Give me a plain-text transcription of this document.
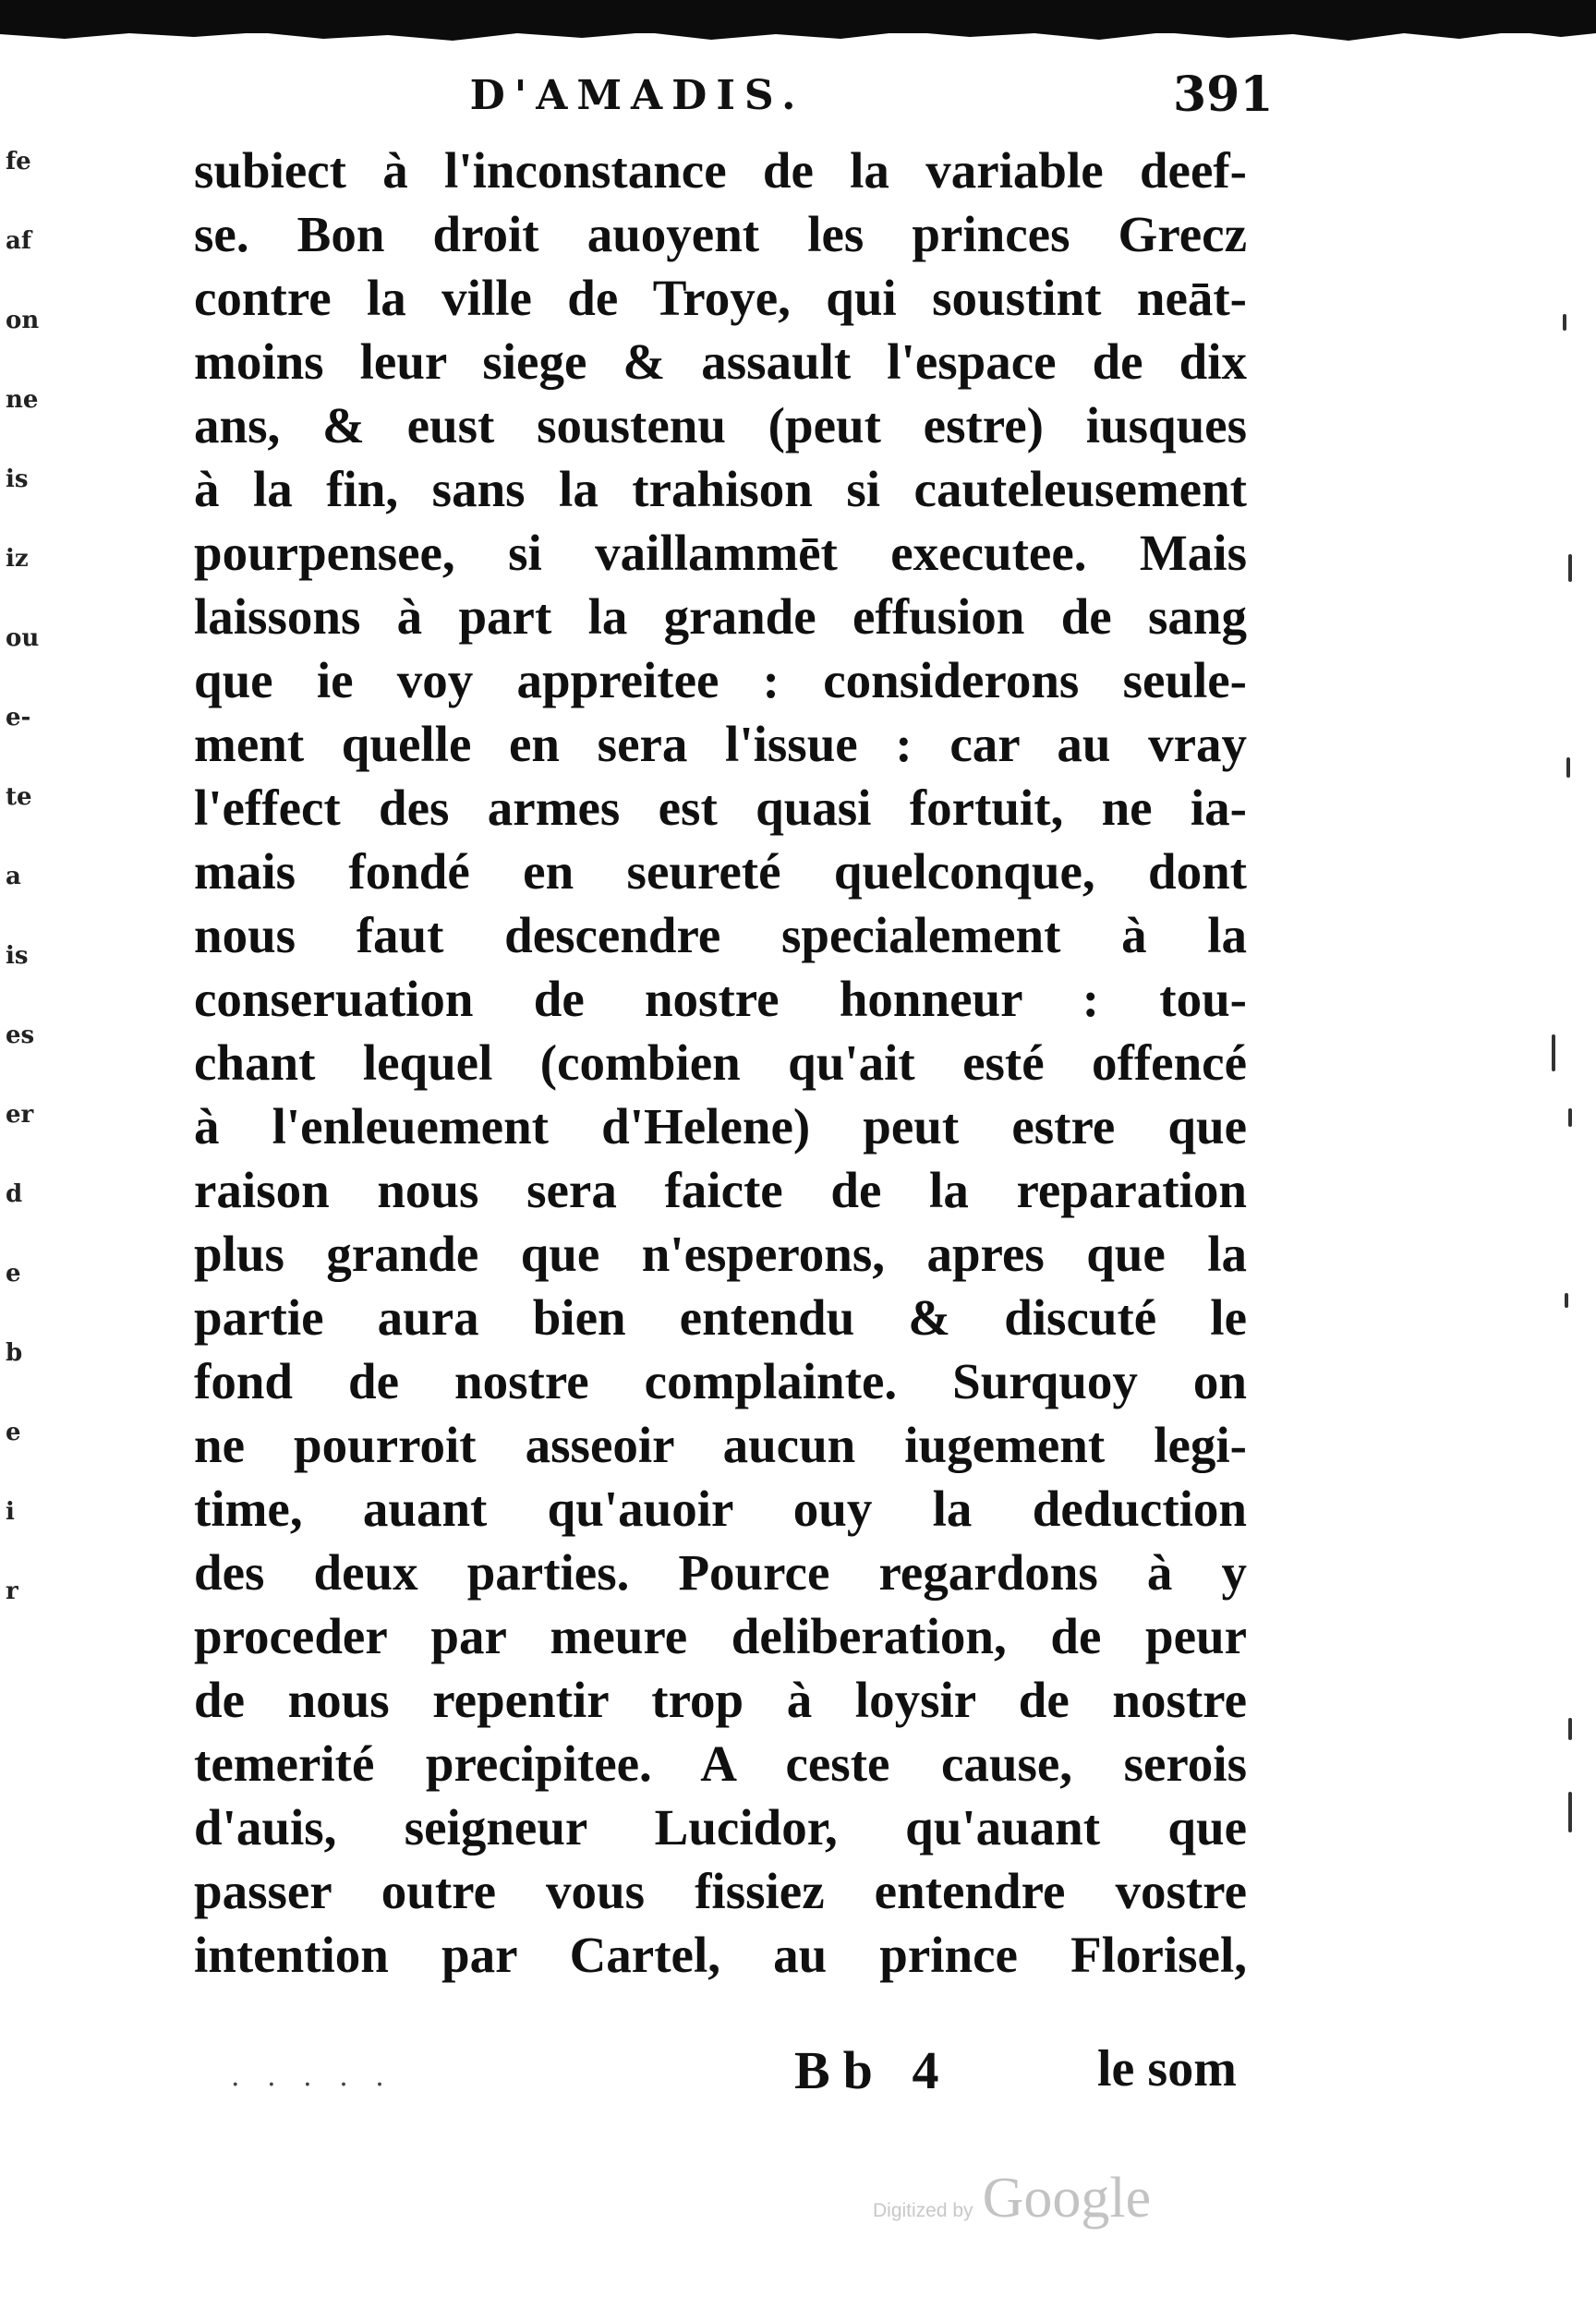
fe
af
on
ne
is
iz
ou
e-
te
a
is
es
er
d
e
b
e
i
r
D'AMADIS.	391
subiect à l'inconstance de la variable deef-
se. Bon droit auoyent les princes Grecz
contre la ville de Troye, qui soustint neāt-
moins leur siege & assault l'espace de dix
ans, & eust soustenu (peut estre) iusques
à la fin, sans la trahison si cauteleusement
pourpensee, si vaillammēt executee. Mais
laissons à part la grande effusion de sang
que ie voy appreitee : considerons seule-
ment quelle en sera l'issue : car au vray
l'effect des armes est quasi fortuit, ne ia-
mais fondé en seureté quelconque, dont
nous faut descendre specialement à la
conseruation de nostre honneur : tou-
chant lequel (combien qu'ait esté offencé
à l'enleuement d'Helene) peut estre que
raison nous sera faicte de la reparation
plus grande que n'esperons, apres que la
partie aura bien entendu & discuté le
fond de nostre complainte. Surquoy on
ne pourroit asseoir aucun iugement legi-
time, auant qu'auoir ouy la deduction
des deux parties. Pource regardons à y
proceder par meure deliberation, de peur
de nous repentir trop à loysir de nostre
temerité precipitee. A ceste cause, serois
d'auis, seigneur Lucidor, qu'auant que
passer outre vous fissiez entendre vostre
intention par Cartel, au prince Florisel,
· · · · ·	Bb 4	le som
Digitized by Google
